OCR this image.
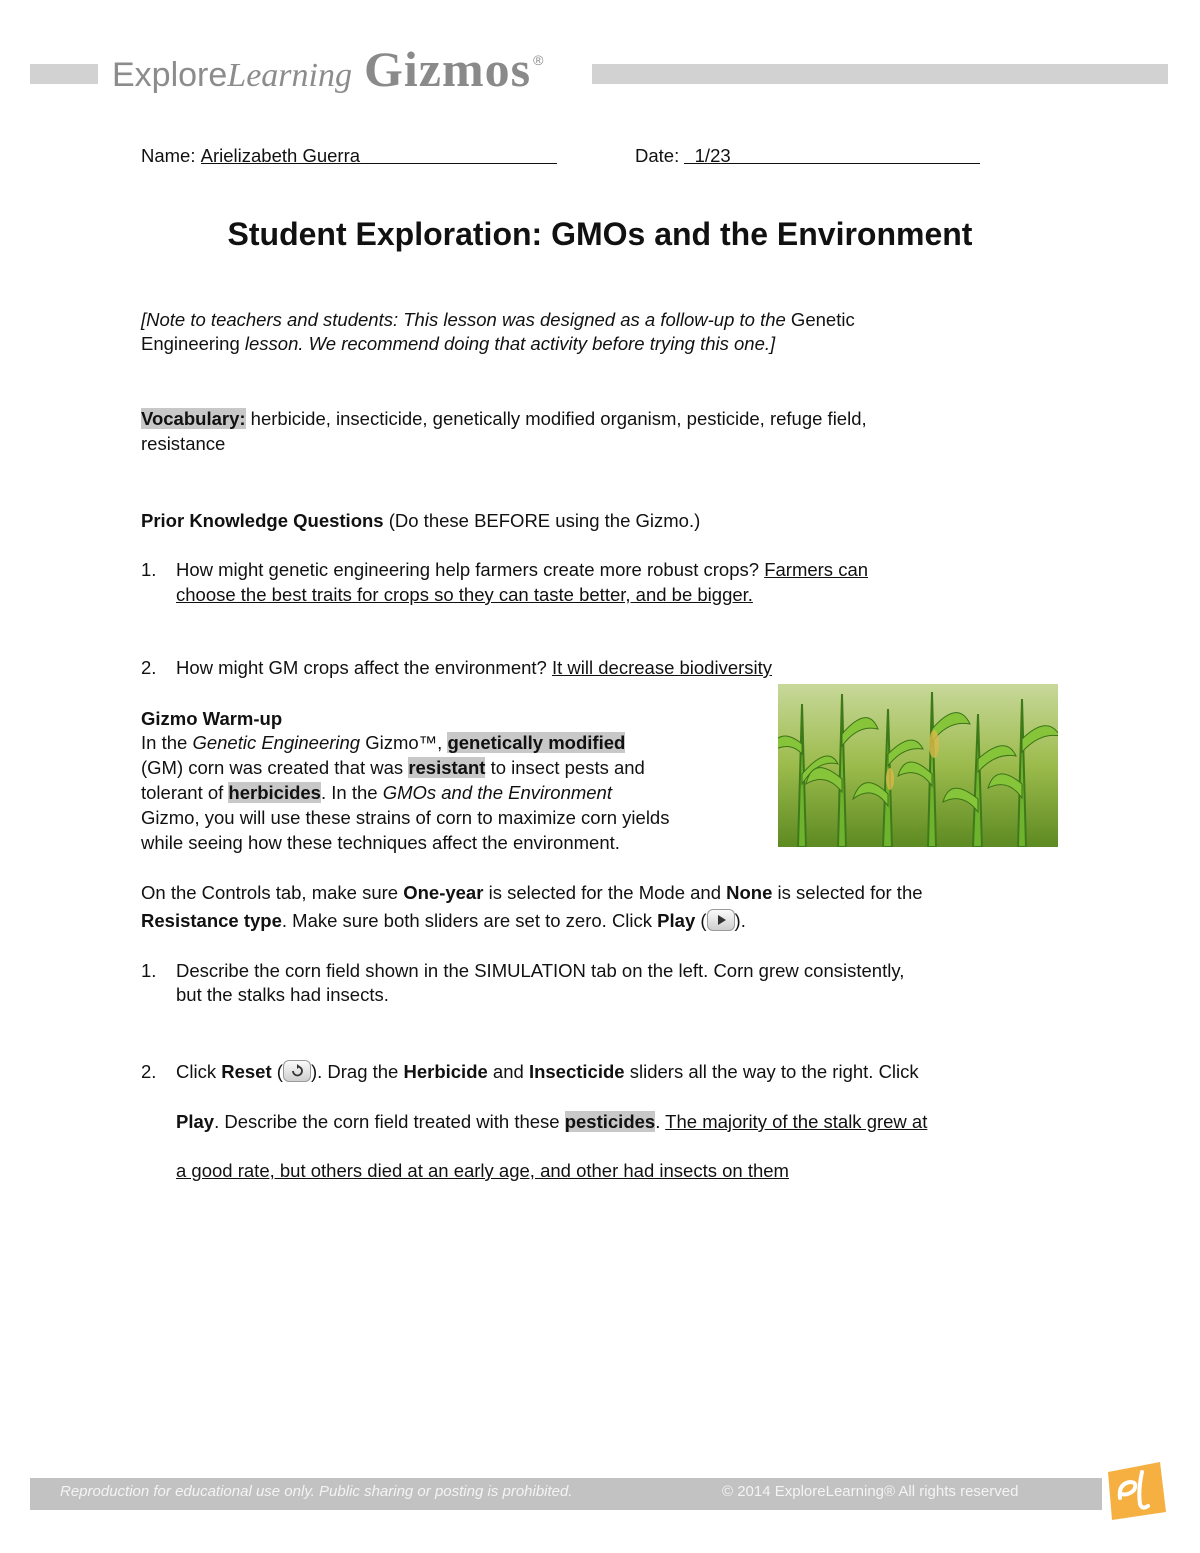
Explore Learning Gizmos ®
Name: Arielizabeth Guerra	Date: 1/23
Student Exploration: GMOs and the Environment
[Note to teachers and students: This lesson was designed as a follow-up to the Genetic
Engineering lesson. We recommend doing that activity before trying this one.]
Vocabulary: herbicide, insecticide, genetically modified organism, pesticide, refuge field,
resistance
Prior Knowledge Questions (Do these BEFORE using the Gizmo.)
1. How might genetic engineering help farmers create more robust crops? Farmers can
choose the best traits for crops so they can taste better, and be bigger.
2. How might GM crops affect the environment? It will decrease biodiversity
Gizmo Warm-up
In the Genetic Engineering Gizmo™, genetically modified
(GM) corn was created that was resistant to insect pests and
tolerant of herbicides. In the GMOs and the Environment
Gizmo, you will use these strains of corn to maximize corn yields
while seeing how these techniques affect the environment.
On the Controls tab, make sure One-year is selected for the Mode and None is selected for the
Resistance type. Make sure both sliders are set to zero. Click Play ( ).
1. Describe the corn field shown in the SIMULATION tab on the left. Corn grew consistently,
but the stalks had insects.
2. Click Reset ( ). Drag the Herbicide and Insecticide sliders all the way to the right. Click
Play. Describe the corn field treated with these pesticides. The majority of the stalk grew at
a good rate, but others died at an early age, and other had insects on them
Reproduction for educational use only. Public sharing or posting is prohibited.	© 2014 ExploreLearning® All rights reserved
